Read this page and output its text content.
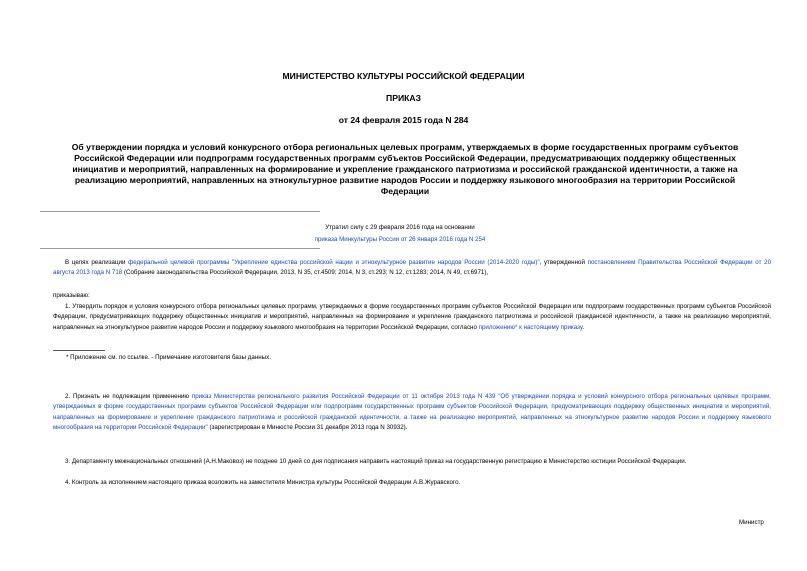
МИНИСТЕРСТВО КУЛЬТУРЫ РОССИЙСКОЙ ФЕДЕРАЦИИ
ПРИКАЗ
от 24 февраля 2015 года N 284
Об утверждении порядка и условий конкурсного отбора региональных целевых программ, утверждаемых в форме государственных программ субъектов Российской Федерации или подпрограмм государственных программ субъектов Российской Федерации, предусматривающих поддержку общественных инициатив и мероприятий, направленных на формирование и укрепление гражданского патриотизма и российской гражданской идентичности, а также на реализацию мероприятий, направленных на этнокультурное развитие народов России и поддержку языкового многообразия на территории Российской Федерации
Утратил силу с 29 февраля 2016 года на основании
приказа Минкультуры России от 26 января 2016 года N 254
В целях реализации федеральной целевой программы "Укрепление единства российской нации и этнокультурное развитие народов России (2014-2020 годы)", утвержденной постановлением Правительства Российской Федерации от 20 августа 2013 года N 718 (Собрание законодательства Российской Федерации, 2013, N 35, ст.4509; 2014, N 3, ст.293; N 12, ст.1283; 2014, N 49, ст.6971),
приказываю:
1. Утвердить порядок и условия конкурсного отбора региональных целевых программ, утверждаемых в форме государственных программ субъектов Российской Федерации или подпрограмм государственных программ субъектов Российской Федерации, предусматривающих поддержку общественных инициатив и мероприятий, направленных на формирование и укрепление гражданского патриотизма и российской гражданской идентичности, а также на реализацию мероприятий, направленных на этнокультурное развитие народов России и поддержку языкового многообразия на территории Российской Федерации, согласно приложению* к настоящему приказу.
* Приложение см. по ссылке. - Примечание изготовителя базы данных.
2. Признать не подлежащим применению приказ Министерства регионального развития Российской Федерации от 11 октября 2013 года N 439 "Об утверждении порядка и условий конкурсного отбора региональных целевых программ, утверждаемых в форме государственных программ субъектов Российской Федерации или подпрограмм государственных программ субъектов Российской Федерации, предусматривающих поддержку общественных инициатив и мероприятий, направленных на формирование и укрепление гражданского патриотизма и российской гражданской идентичности, а также на реализацию мероприятий, направленных на этнокультурное развитие народов России и поддержку языкового многообразия на территории Российской Федерации" (зарегистрирован в Минюсте России 31 декабря 2013 года N 30932).
3. Департаменту межнациональных отношений (А.Н.Маковоз) не позднее 10 дней со дня подписания направить настоящий приказ на государственную регистрацию в Министерство юстиции Российской Федерации.
4. Контроль за исполнением настоящего приказа возложить на заместителя Министра культуры Российской Федерации А.В.Журавского.
Министр
